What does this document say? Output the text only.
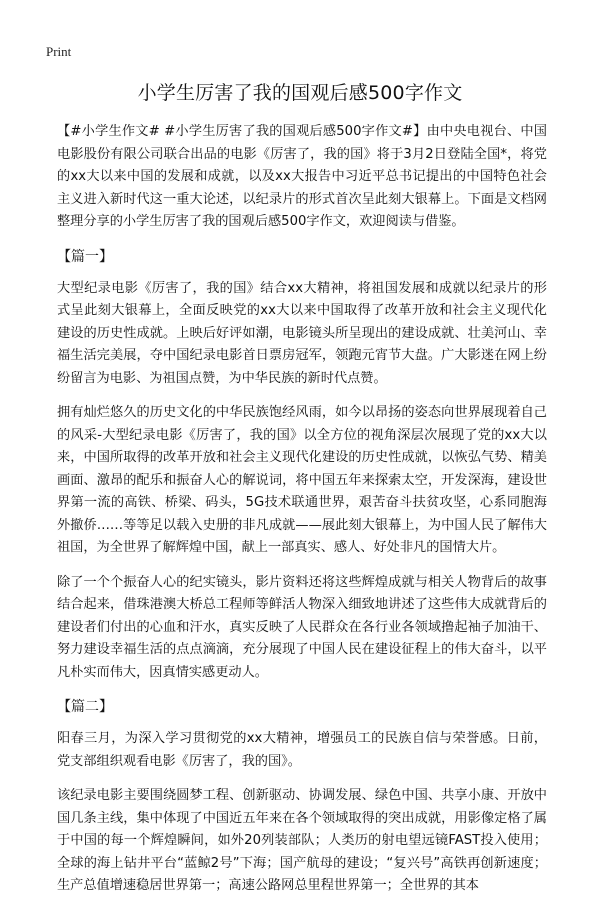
Print
小学生厉害了我的国观后感500字作文

【#小学生作文# #小学生厉害了我的国观后感500字作文#】由中央电视台、中国电影股份有限公司联合出品的电影《厉害了，我的国》将于3月2日登陆全国*，将党的xx大以来中国的发展和成就，以及xx大报告中习近平总书记提出的中国特色社会主义进入新时代这一重大论述，以纪录片的形式首次呈此刻大银幕上。下面是文档网整理分享的小学生厉害了我的国观后感500字作文，欢迎阅读与借鉴。

【篇一】

大型纪录电影《厉害了，我的国》结合xx大精神，将祖国发展和成就以纪录片的形式呈此刻大银幕上，全面反映党的xx大以来中国取得了改革开放和社会主义现代化建设的历史性成就。上映后好评如潮，电影镜头所呈现出的建设成就、壮美河山、幸福生活完美展，夺中国纪录电影首日票房冠军，领跑元宵节大盘。广大影迷在网上纷纷留言为电影、为祖国点赞，为中华民族的新时代点赞。

拥有灿烂悠久的历史文化的中华民族饱经风雨，如今以昂扬的姿态向世界展现着自己的风采-大型纪录电影《厉害了，我的国》以全方位的视角深层次展现了党的xx大以来，中国所取得的改革开放和社会主义现代化建设的历史性成就，以恢弘气势、精美画面、激昂的配乐和振奋人心的解说词，将中国五年来探索太空，开发深海，建设世界第一流的高铁、桥梁、码头，5G技术联通世界，艰苦奋斗扶贫攻坚，心系同胞海外撤侨……等等足以载入史册的非凡成就——展此刻大银幕上，为中国人民了解伟大祖国，为全世界了解辉煌中国，献上一部真实、感人、好处非凡的国情大片。

除了一个个振奋人心的纪实镜头，影片资料还将这些辉煌成就与相关人物背后的故事结合起来，借珠港澳大桥总工程师等鲜活人物深入细致地讲述了这些伟大成就背后的建设者们付出的心血和汗水，真实反映了人民群众在各行业各领域撸起袖子加油干、努力建设幸福生活的点点滴滴，充分展现了中国人民在建设征程上的伟大奋斗，以平凡朴实而伟大，因真情实感更动人。

【篇二】

阳春三月，为深入学习贯彻党的xx大精神，增强员工的民族自信与荣誉感。日前，党支部组织观看电影《厉害了，我的国》。

该纪录电影主要围绕圆梦工程、创新驱动、协调发展、绿色中国、共享小康、开放中国几条主线，集中体现了中国近五年来在各个领域取得的突出成就，用影像定格了属于中国的每一个辉煌瞬间，如外20列装部队；人类历的射电望远镜FAST投入使用；全球的海上钻井平台“蓝鲸2号”下海；国产航母的建设；“复兴号”高铁再创新速度；生产总值增速稳居世界第一；高速公路网总里程世界第一；全世界的其本
